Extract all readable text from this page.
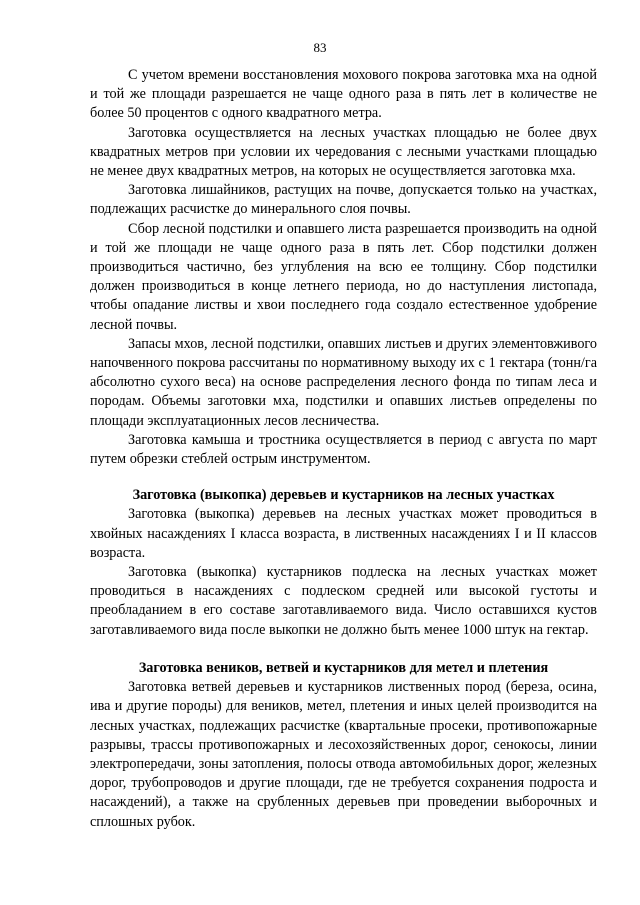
83

С учетом времени восстановления мохового покрова заготовка мха на одной и той же площади разрешается не чаще одного раза в пять лет в количестве не более 50 процентов с одного квадратного метра.

Заготовка осуществляется на лесных участках площадью не более двух квадратных метров при условии их чередования с лесными участками площадью не менее двух квадратных метров, на которых не осуществляется заготовка мха.

Заготовка лишайников, растущих на почве, допускается только на участках, подлежащих расчистке до минерального слоя почвы.

Сбор лесной подстилки и опавшего листа разрешается производить на одной и той же площади не чаще одного раза в пять лет. Сбор подстилки должен производиться частично, без углубления на всю ее толщину. Сбор подстилки должен производиться в конце летнего периода, но до наступления листопада, чтобы опадание листвы и хвои последнего года создало естественное удобрение лесной почвы.

Запасы мхов, лесной подстилки, опавших листьев и других элементовживого напочвенного покрова рассчитаны по нормативному выходу их с 1 гектара (тонн/га абсолютно сухого веса) на основе распределения лесного фонда по типам леса и породам. Объемы заготовки мха, подстилки и опавших листьев определены по площади эксплуатационных лесов лесничества.

Заготовка камыша и тростника осуществляется в период с августа по март путем обрезки стеблей острым инструментом.

Заготовка (выкопка) деревьев и кустарников на лесных участках

Заготовка (выкопка) деревьев на лесных участках может проводиться в хвойных насаждениях I класса возраста, в лиственных насаждениях I и II классов возраста.

Заготовка (выкопка) кустарников подлеска на лесных участках может проводиться в насаждениях с подлеском средней или высокой густоты и преобладанием в его составе заготавливаемого вида. Число оставшихся кустов заготавливаемого вида после выкопки не должно быть менее 1000 штук на гектар.

Заготовка веников, ветвей и кустарников для метел и плетения

Заготовка ветвей деревьев и кустарников лиственных пород (береза, осина, ива и другие породы) для веников, метел, плетения и иных целей производится на лесных участках, подлежащих расчистке (квартальные просеки, противопожарные разрывы, трассы противопожарных и лесохозяйственных дорог, сенокосы, линии электропередачи, зоны затопления, полосы отвода автомобильных дорог, железных дорог, трубопроводов и другие площади, где не требуется сохранения подроста и насаждений), а также на срубленных деревьев при проведении выборочных и сплошных рубок.
